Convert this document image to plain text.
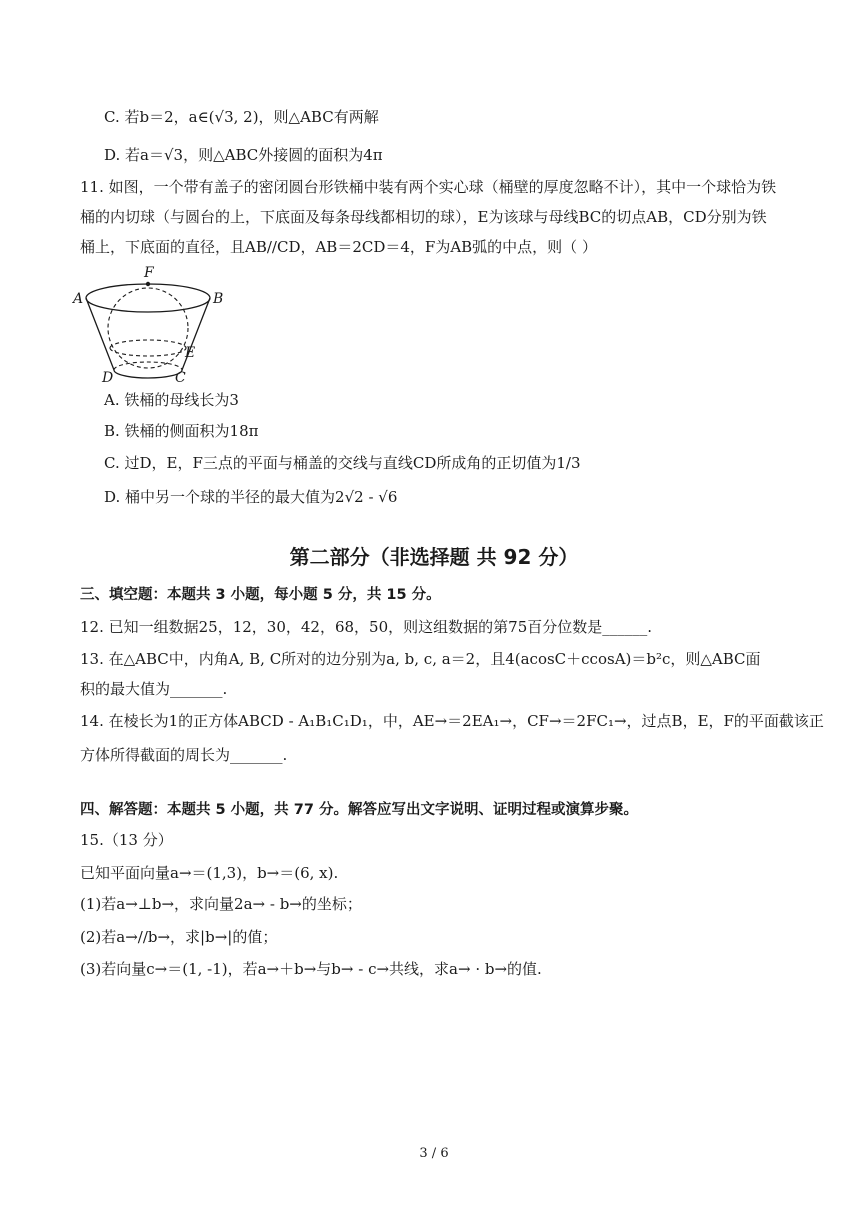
C. 若b＝2，a∈(√3, 2)，则△ABC有两解
D. 若a＝√3，则△ABC外接圆的面积为4π
11. 如图，一个带有盖子的密闭圆台形铁桶中装有两个实心球（桶壁的厚度忽略不计），其中一个球恰为铁
桶的内切球（与圆台的上，下底面及每条母线都相切的球），E为该球与母线BC的切点AB，CD分别为铁
桶上，下底面的直径，且AB//CD，AB＝2CD＝4，F为AB弧的中点，则（ ）
F
A	B
E
D	C
A. 铁桶的母线长为3
B. 铁桶的侧面积为18π
C. 过D，E，F三点的平面与桶盖的交线与直线CD所成角的正切值为1/3
D. 桶中另一个球的半径的最大值为2√2 - √6
第二部分（非选择题 共 92 分）
三、填空题：本题共 3 小题，每小题 5 分，共 15 分。
12. 已知一组数据25，12，30，42，68，50，则这组数据的第75百分位数是______.
13. 在△ABC中，内角A, B, C所对的边分别为a, b, c, a＝2，且4(acosC＋ccosA)＝b²c，则△ABC面
积的最大值为_______.
14. 在棱长为1的正方体ABCD - A₁B₁C₁D₁，中，AE→＝2EA₁→，CF→＝2FC₁→，过点B，E，F的平面截该正
方体所得截面的周长为_______.
四、解答题：本题共 5 小题，共 77 分。解答应写出文字说明、证明过程或演算步聚。
15.（13 分）
已知平面向量a→＝(1,3)，b→＝(6, x).
(1)若a→⊥b→，求向量2a→ - b→的坐标；
(2)若a→//b→，求|b→|的值；
(3)若向量c→＝(1, -1)，若a→＋b→与b→ - c→共线，求a→ · b→的值.
3 / 6
